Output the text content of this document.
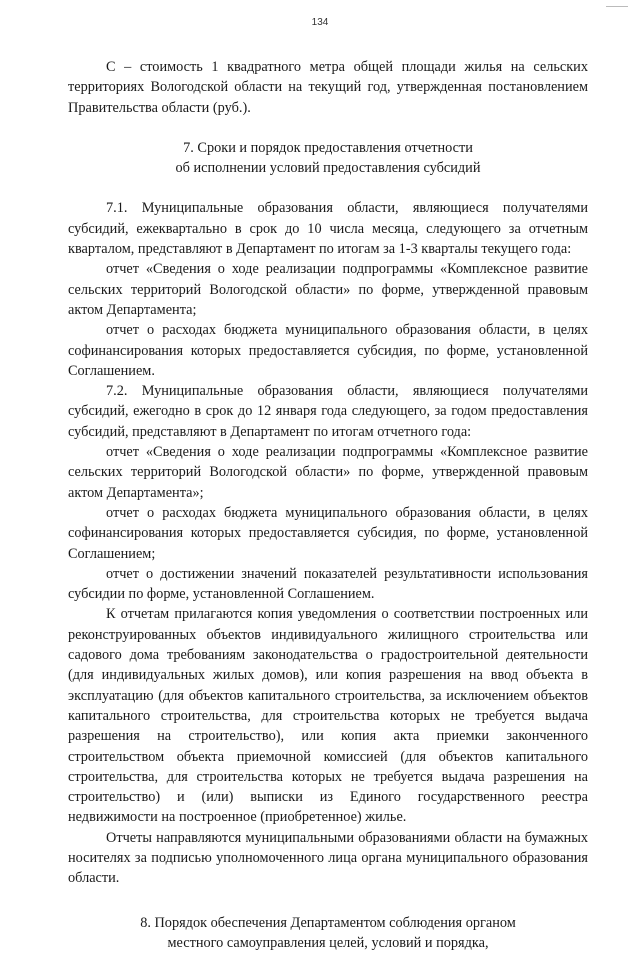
134

С – стоимость 1 квадратного метра общей площади жилья на сельских территориях Вологодской области на текущий год, утвержденная постановлением Правительства области (руб.).

7. Сроки и порядок предоставления отчетности
об исполнении условий предоставления субсидий

7.1. Муниципальные образования области, являющиеся получателями субсидий, ежеквартально в срок до 10 числа месяца, следующего за отчетным кварталом, представляют в Департамент по итогам за 1-3 кварталы текущего года:

отчет «Сведения о ходе реализации подпрограммы «Комплексное развитие сельских территорий Вологодской области» по форме, утвержденной правовым актом Департамента;

отчет о расходах бюджета муниципального образования области, в целях софинансирования которых предоставляется субсидия, по форме, установленной Соглашением.

7.2. Муниципальные образования области, являющиеся получателями субсидий, ежегодно в срок до 12 января года следующего, за годом предоставления субсидий, представляют в Департамент по итогам отчетного года:

отчет «Сведения о ходе реализации подпрограммы «Комплексное развитие сельских территорий Вологодской области» по форме, утвержденной правовым актом Департамента»;

отчет о расходах бюджета муниципального образования области, в целях софинансирования которых предоставляется субсидия, по форме, установленной Соглашением;

отчет о достижении значений показателей результативности использования субсидии по форме, установленной Соглашением.

К отчетам прилагаются копия уведомления о соответствии построенных или реконструированных объектов индивидуального жилищного строительства или садового дома требованиям законодательства о градостроительной деятельности (для индивидуальных жилых домов), или копия разрешения на ввод объекта в эксплуатацию (для объектов капитального строительства, за исключением объектов капитального строительства, для строительства которых не требуется выдача разрешения на строительство), или копия акта приемки законченного строительством объекта приемочной комиссией (для объектов капитального строительства, для строительства которых не требуется выдача разрешения на строительство) и (или) выписки из Единого государственного реестра недвижимости на построенное (приобретенное) жилье.

Отчеты направляются муниципальными образованиями области на бумажных носителях за подписью уполномоченного лица органа муниципального образования области.

8. Порядок обеспечения Департаментом соблюдения органом
местного самоуправления целей, условий и порядка,
